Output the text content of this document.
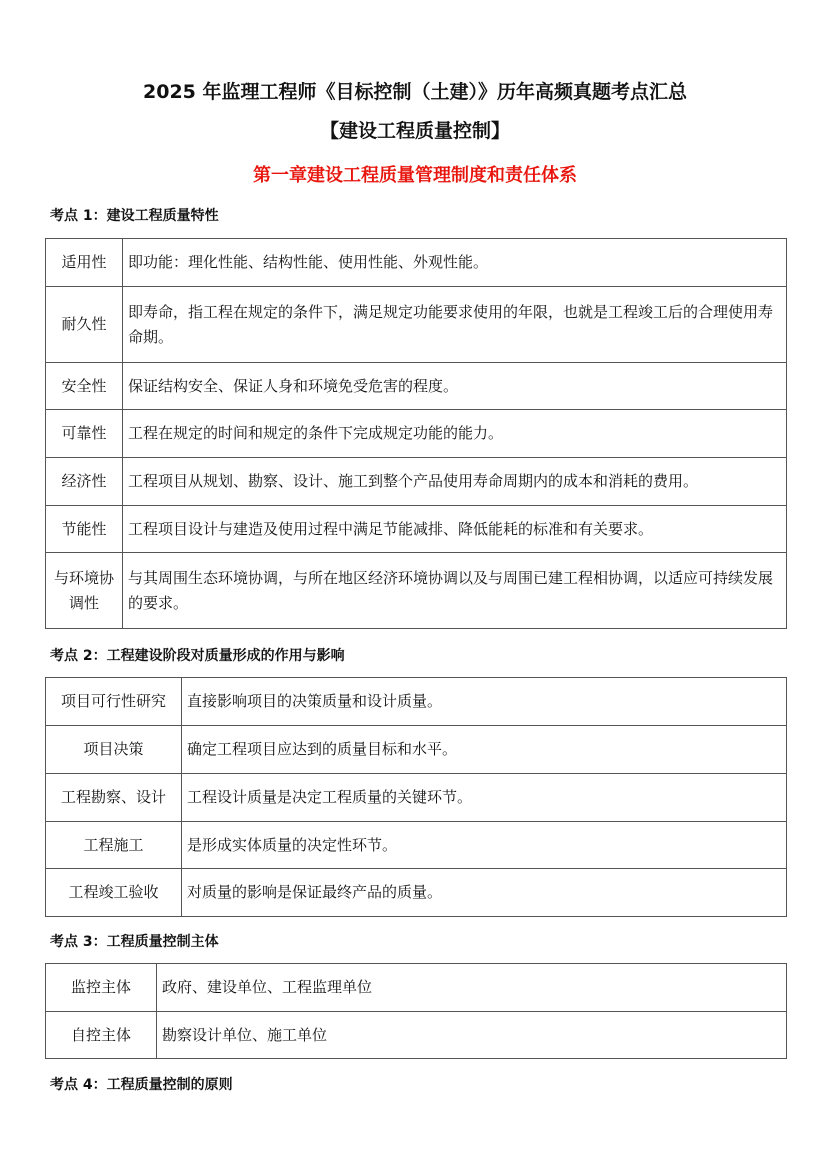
2025 年监理工程师《目标控制（土建）》历年高频真题考点汇总
【建设工程质量控制】
第一章建设工程质量管理制度和责任体系
考点 1：建设工程质量特性
适用性	即功能：理化性能、结构性能、使用性能、外观性能。
耐久性	即寿命，指工程在规定的条件下，满足规定功能要求使用的年限，也就是工程竣工后的合理使用寿命期。
安全性	保证结构安全、保证人身和环境免受危害的程度。
可靠性	工程在规定的时间和规定的条件下完成规定功能的能力。
经济性	工程项目从规划、勘察、设计、施工到整个产品使用寿命周期内的成本和消耗的费用。
节能性	工程项目设计与建造及使用过程中满足节能减排、降低能耗的标准和有关要求。
与环境协调性	与其周围生态环境协调，与所在地区经济环境协调以及与周围已建工程相协调，以适应可持续发展的要求。
考点 2：工程建设阶段对质量形成的作用与影响
项目可行性研究	直接影响项目的决策质量和设计质量。
项目决策	确定工程项目应达到的质量目标和水平。
工程勘察、设计	工程设计质量是决定工程质量的关键环节。
工程施工	是形成实体质量的决定性环节。
工程竣工验收	对质量的影响是保证最终产品的质量。
考点 3：工程质量控制主体
监控主体	政府、建设单位、工程监理单位
自控主体	勘察设计单位、施工单位
考点 4：工程质量控制的原则
